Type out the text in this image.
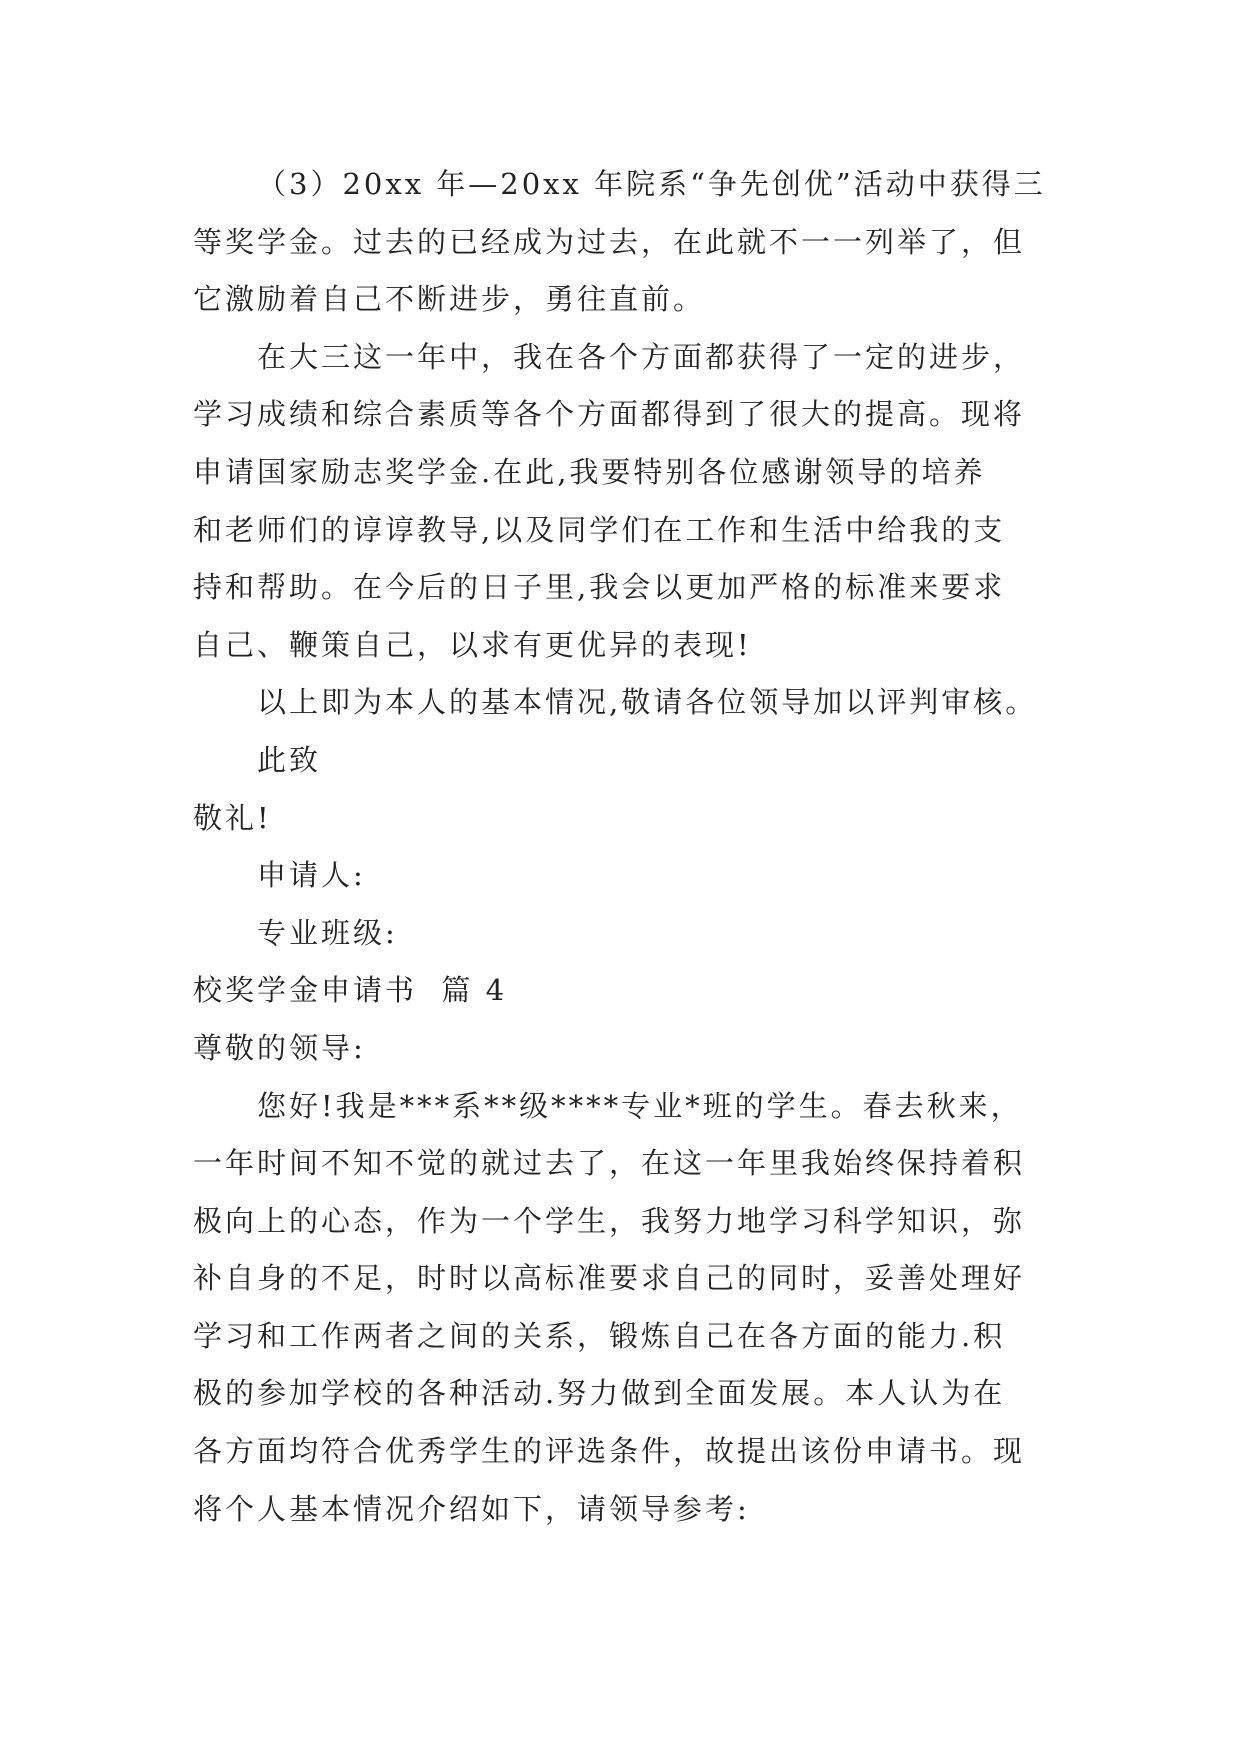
（3）20xx 年—20xx 年院系“争先创优”活动中获得三
等奖学金。过去的已经成为过去，在此就不一一列举了，但
它激励着自己不断进步，勇往直前。
在大三这一年中，我在各个方面都获得了一定的进步，
学习成绩和综合素质等各个方面都得到了很大的提高。现将
申请国家励志奖学金.在此,我要特别各位感谢领导的培养
和老师们的谆谆教导,以及同学们在工作和生活中给我的支
持和帮助。在今后的日子里,我会以更加严格的标准来要求
自己、鞭策自己，以求有更优异的表现!
以上即为本人的基本情况,敬请各位领导加以评判审核。
此致
敬礼!
申请人:
专业班级:
校奖学金申请书  篇 4
尊敬的领导:
您好!我是***系**级****专业*班的学生。春去秋来，
一年时间不知不觉的就过去了，在这一年里我始终保持着积
极向上的心态，作为一个学生，我努力地学习科学知识，弥
补自身的不足，时时以高标准要求自己的同时，妥善处理好
学习和工作两者之间的关系，锻炼自己在各方面的能力.积
极的参加学校的各种活动.努力做到全面发展。本人认为在
各方面均符合优秀学生的评选条件，故提出该份申请书。现
将个人基本情况介绍如下，请领导参考:
